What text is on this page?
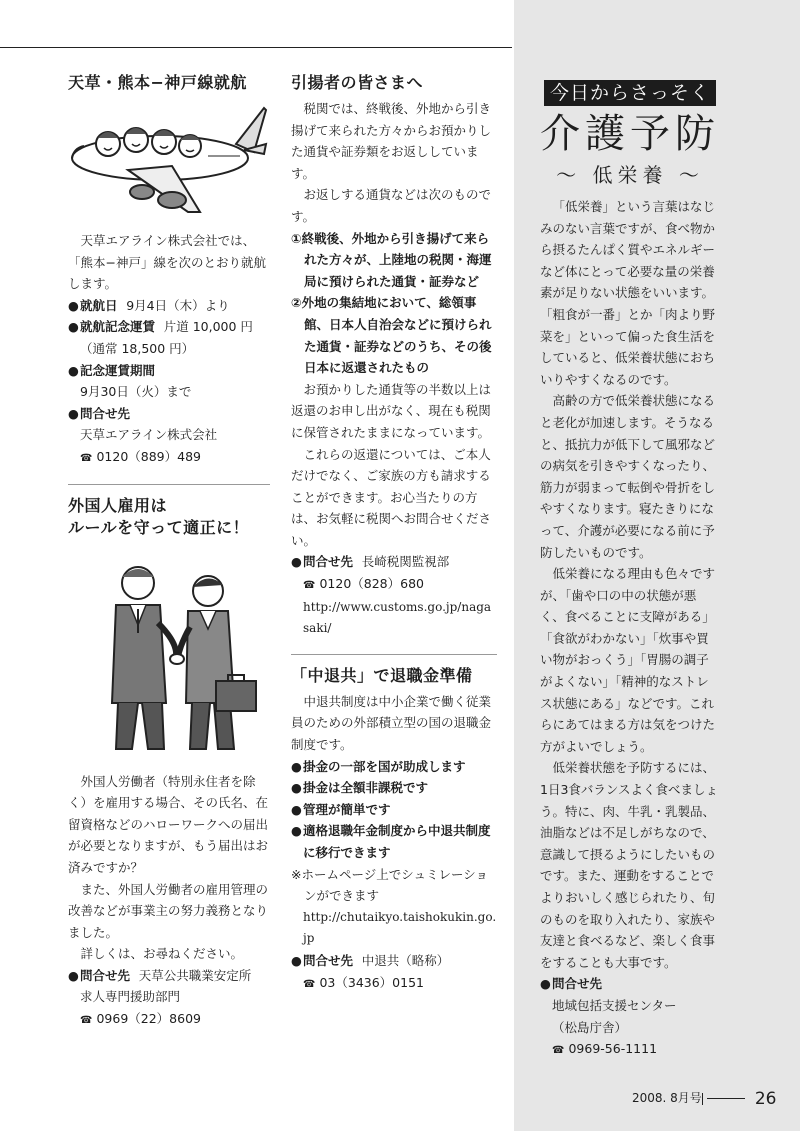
天草・熊本−神戸線就航

天草エアライン株式会社では、「熊本−神戸」線を次のとおり就航します。

●就航日 9月4日（木）より
●就航記念運賃 片道 10,000 円
（通常 18,500 円）
●記念運賃期間
9月30日（火）まで
●問合せ先
天草エアライン株式会社
☎ 0120（889）489
外国人雇用は
ルールを守って適正に！

外国人労働者（特別永住者を除く）を雇用する場合、その氏名、在留資格などのハローワークへの届出が必要となりますが、もう届出はお済みですか？

また、外国人労働者の雇用管理の改善などが事業主の努力義務となりました。

詳しくは、お尋ねください。

●問合せ先 天草公共職業安定所
求人専門援助部門
☎ 0969（22）8609
引揚者の皆さまへ

税関では、終戦後、外地から引き揚げて来られた方々からお預かりした通貨や証券類をお返ししています。

お返しする通貨などは次のものです。

①終戦後、外地から引き揚げて来られた方々が、上陸地の税関・海運局に預けられた通貨・証券など
②外地の集結地において、総領事館、日本人自治会などに預けられた通貨・証券などのうち、その後日本に返還されたもの

お預かりした通貨等の半数以上は返還のお申し出がなく、現在も税関に保管されたままになっています。

これらの返還については、ご本人だけでなく、ご家族の方も請求することができます。お心当たりの方は、お気軽に税関へお問合せください。

●問合せ先 長崎税関監視部
☎ 0120（828）680
http://www.customs.go.jp/nagasaki/
「中退共」で退職金準備

中退共制度は中小企業で働く従業員のための外部積立型の国の退職金制度です。

●掛金の一部を国が助成します
●掛金は全額非課税です
●管理が簡単です
●適格退職年金制度から中退共制度に移行できます
※ホームページ上でシュミレーションができます
http://chutaikyo.taishokukin.go.jp
●問合せ先 中退共（略称）
☎ 03（3436）0151
今日からさっそく
介護予防
〜 低栄養 〜

「低栄養」という言葉はなじみのない言葉ですが、食べ物から摂るたんぱく質やエネルギーなど体にとって必要な量の栄養素が足りない状態をいいます。「粗食が一番」とか「肉より野菜を」といって偏った食生活をしていると、低栄養状態におちいりやすくなるのです。

高齢の方で低栄養状態になると老化が加速します。そうなると、抵抗力が低下して風邪などの病気を引きやすくなったり、筋力が弱まって転倒や骨折をしやすくなります。寝たきりになって、介護が必要になる前に予防したいものです。

低栄養になる理由も色々ですが、「歯や口の中の状態が悪く、食べることに支障がある」「食欲がわかない」「炊事や買い物がおっくう」「胃腸の調子がよくない」「精神的なストレス状態にある」などです。これらにあてはまる方は気をつけた方がよいでしょう。

低栄養状態を予防するには、1日3食バランスよく食べましょう。特に、肉、牛乳・乳製品、油脂などは不足しがちなので、意識して摂るようにしたいものです。また、運動をすることでよりおいしく感じられたり、旬のものを取り入れたり、家族や友達と食べるなど、楽しく食事をすることも大事です。

●問合せ先
地域包括支援センター
（松島庁舎）
☎ 0969-56-1111
2008. 8月号	26
